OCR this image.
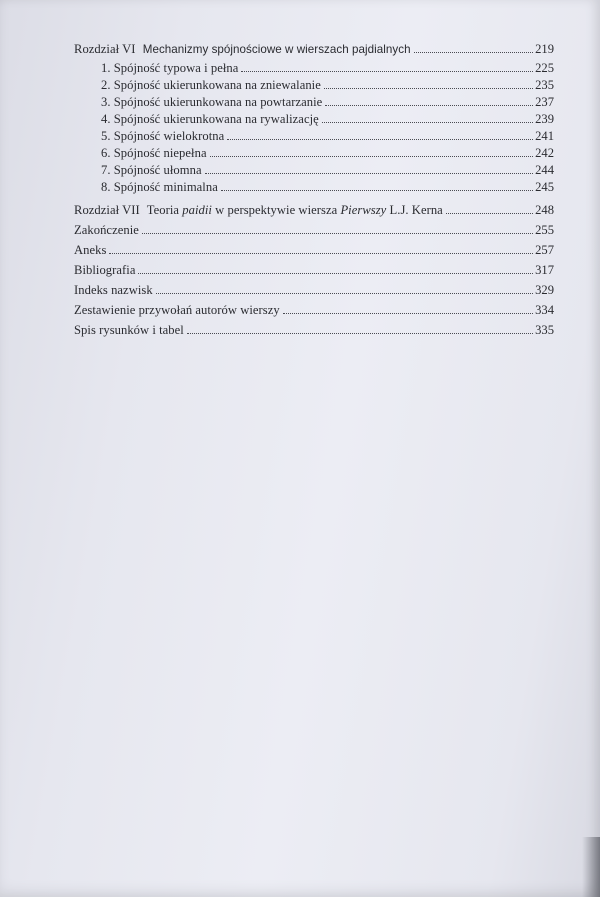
Rozdział VI Mechanizmy spójnościowe w wierszach pajdialnych	219
1. Spójność typowa i pełna	225
2. Spójność ukierunkowana na zniewalanie	235
3. Spójność ukierunkowana na powtarzanie	237
4. Spójność ukierunkowana na rywalizację	239
5. Spójność wielokrotna	241
6. Spójność niepełna	242
7. Spójność ułomna	244
8. Spójność minimalna	245
Rozdział VII Teoria paidii w perspektywie wiersza Pierwszy L.J. Kerna	248
Zakończenie	255
Aneks	257
Bibliografia	317
Indeks nazwisk	329
Zestawienie przywołań autorów wierszy	334
Spis rysunków i tabel	335
